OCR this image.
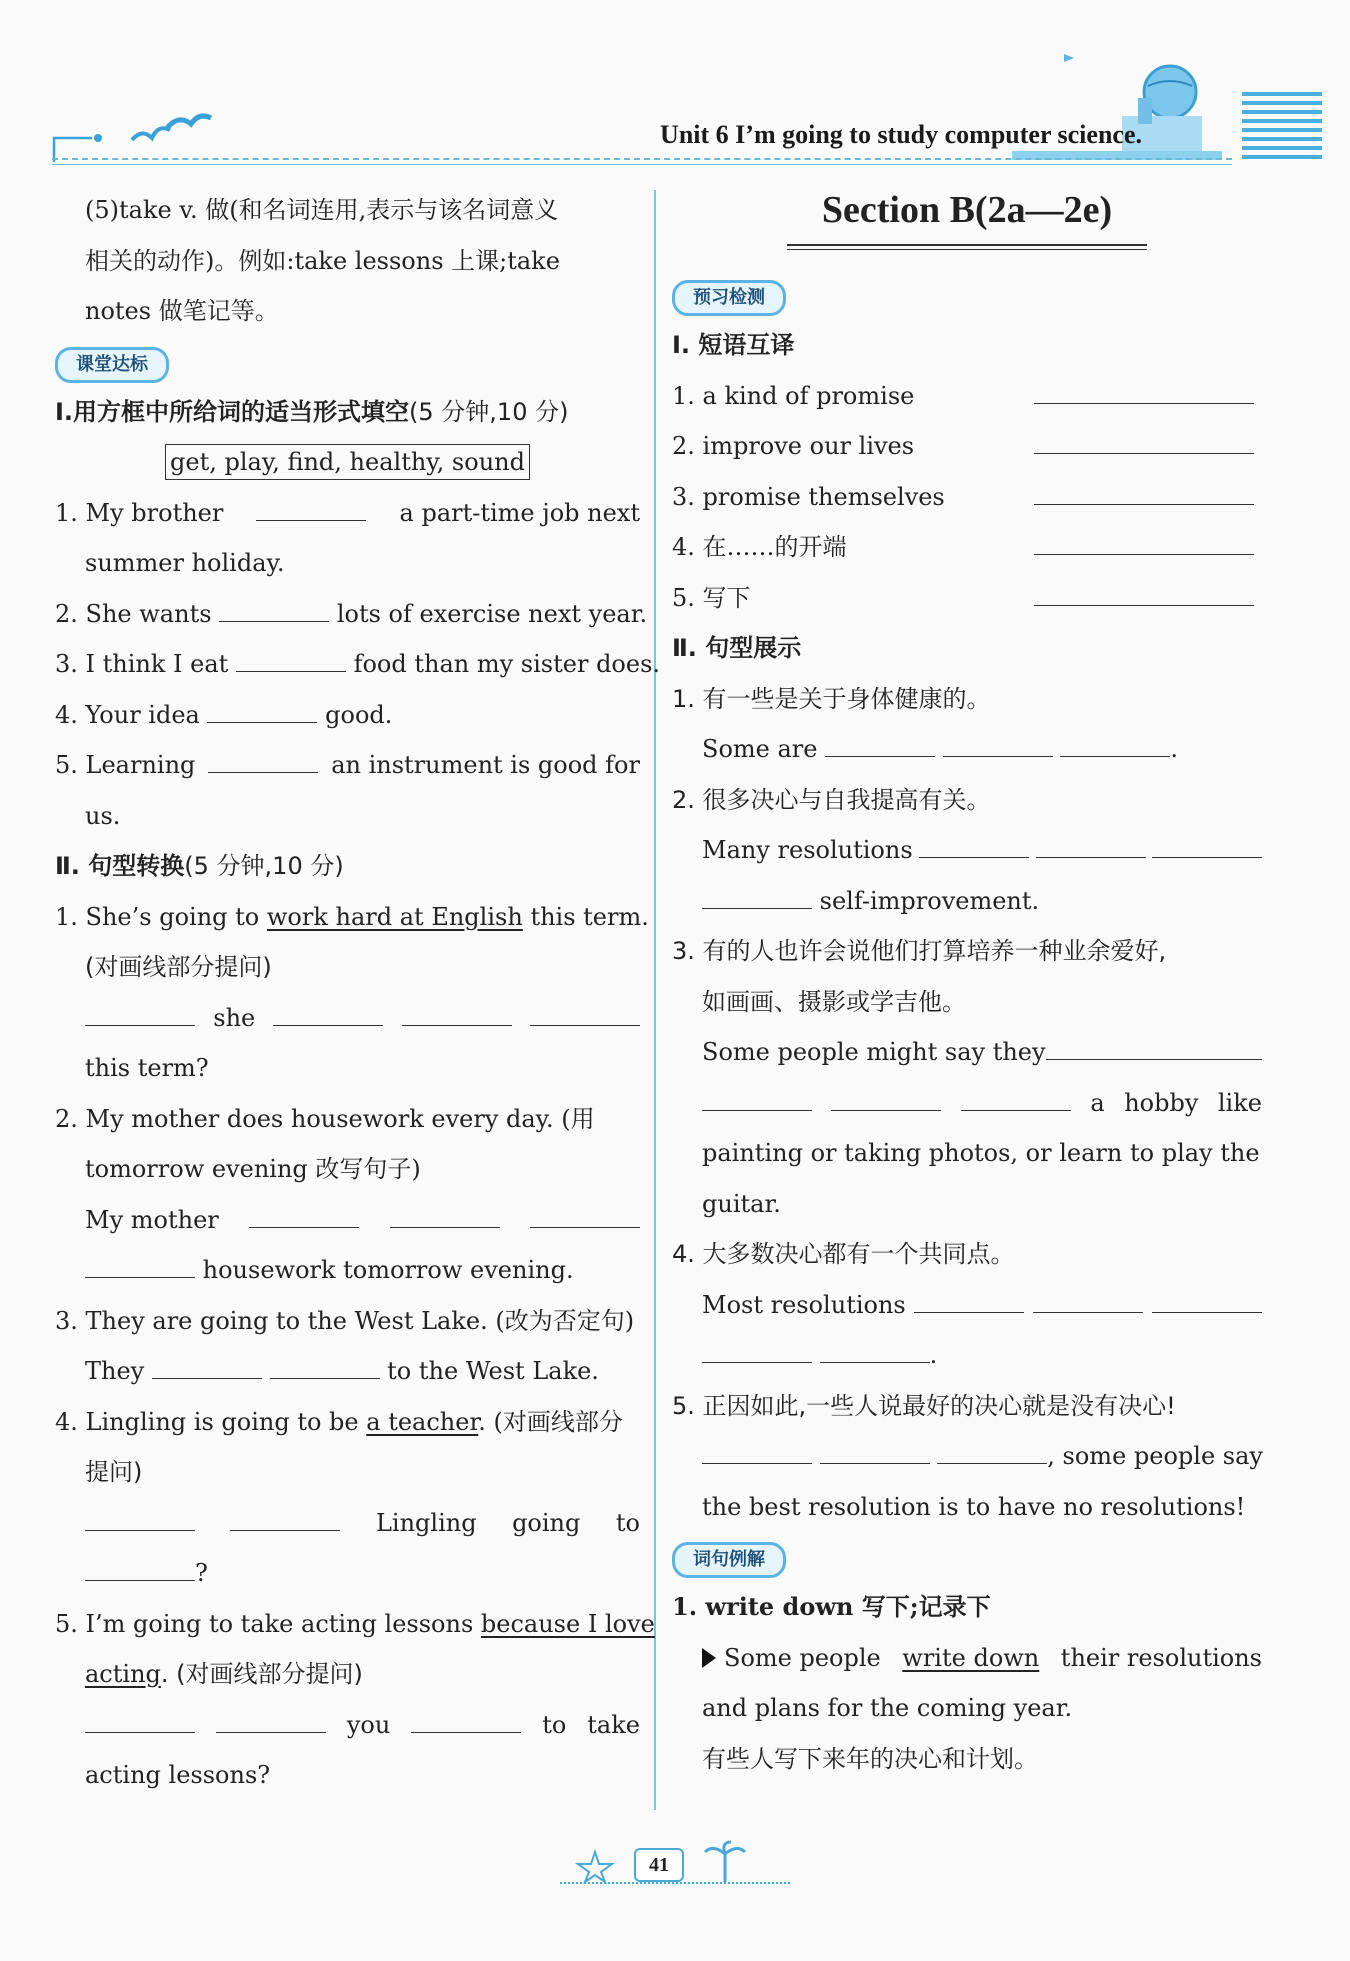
Unit 6 I’m going to study computer science.
(5)take v. 做(和名词连用,表示与该名词意义
相关的动作)。例如:take lessons 上课;take
notes 做笔记等。
课堂达标
Ⅰ.用方框中所给词的适当形式填空(5 分钟,10 分)
get, play, find, healthy, sound
1. My brother	a part-time job next
summer holiday.
2. She wants	lots of exercise next year.
3. I think I eat	food than my sister does.
4. Your idea	good.
5. Learning	an instrument is good for
us.
Ⅱ. 句型转换(5 分钟,10 分)
1. She’s going to work hard at English this term.
(对画线部分提问)
she
this term?
2. My mother does housework every day. (用
tomorrow evening 改写句子)
My mother
housework tomorrow evening.
3. They are going to the West Lake. (改为否定句)
They	to the West Lake.
4. Lingling is going to be a teacher. (对画线部分
提问)
Lingling going to
?
5. I’m going to take acting lessons because I love
acting. (对画线部分提问)
you	to take
acting lessons?
Section B(2a—2e)
预习检测
Ⅰ. 短语互译
1. a kind of promise
2. improve our lives
3. promise themselves
4. 在……的开端
5. 写下
Ⅱ. 句型展示
1. 有一些是关于身体健康的。
Some are	.
2. 很多决心与自我提高有关。
Many resolutions
self-improvement.
3. 有的人也许会说他们打算培养一种业余爱好,
如画画、摄影或学吉他。
Some people might say they
a hobby like
painting or taking photos, or learn to play the
guitar.
4. 大多数决心都有一个共同点。
Most resolutions
.
5. 正因如此,一些人说最好的决心就是没有决心!
, some people say
the best resolution is to have no resolutions!
词句例解
1. write down 写下;记录下
Some people write down their resolutions
and plans for the coming year.
有些人写下来年的决心和计划。
41
